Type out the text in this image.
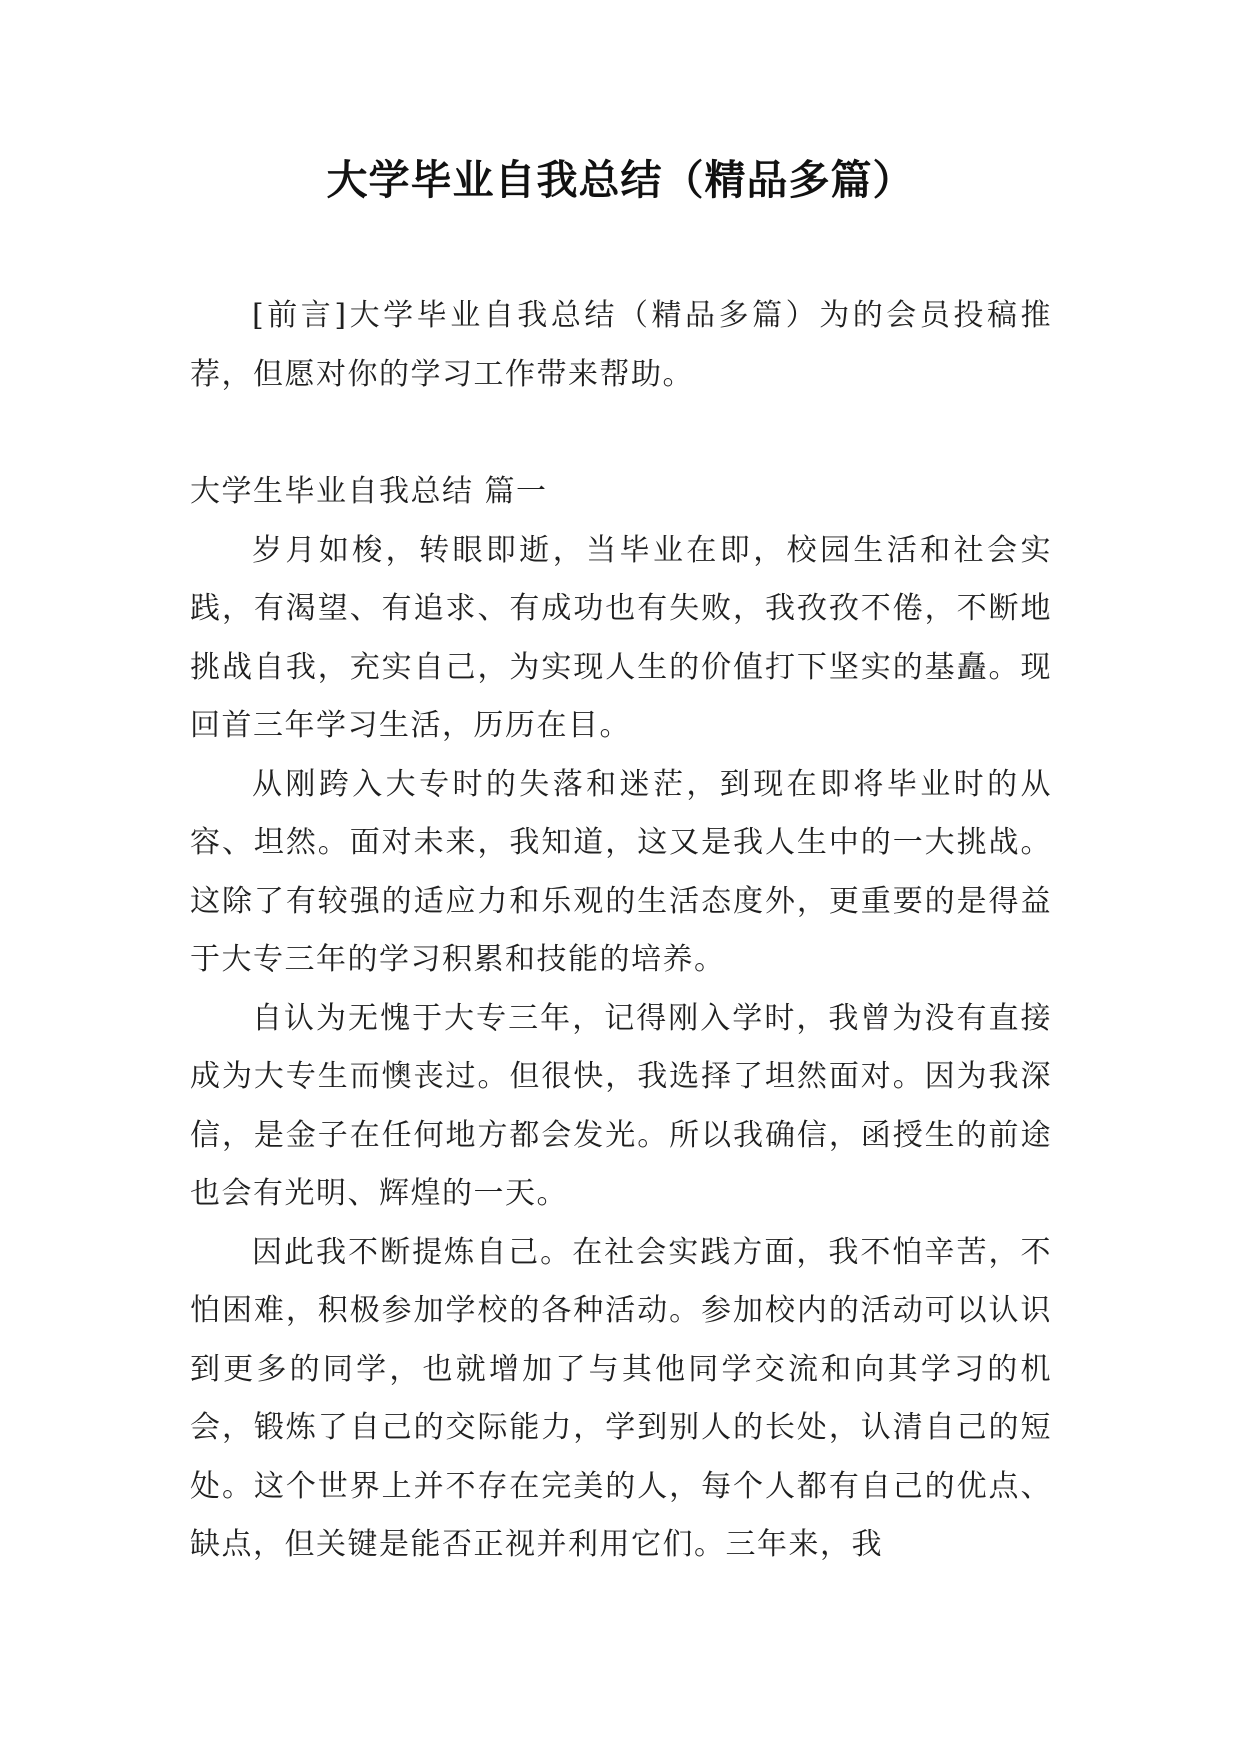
大学毕业自我总结（精品多篇）

[前言]大学毕业自我总结（精品多篇）为的会员投稿推荐，但愿对你的学习工作带来帮助。

大学生毕业自我总结 篇一

岁月如梭，转眼即逝，当毕业在即，校园生活和社会实践，有渴望、有追求、有成功也有失败，我孜孜不倦，不断地挑战自我，充实自己，为实现人生的价值打下坚实的基矗。现回首三年学习生活，历历在目。

从刚跨入大专时的失落和迷茫，到现在即将毕业时的从容、坦然。面对未来，我知道，这又是我人生中的一大挑战。这除了有较强的适应力和乐观的生活态度外，更重要的是得益于大专三年的学习积累和技能的培养。

自认为无愧于大专三年，记得刚入学时，我曾为没有直接成为大专生而懊丧过。但很快，我选择了坦然面对。因为我深信，是金子在任何地方都会发光。所以我确信，函授生的前途也会有光明、辉煌的一天。

因此我不断提炼自己。在社会实践方面，我不怕辛苦，不怕困难，积极参加学校的各种活动。参加校内的活动可以认识到更多的同学，也就增加了与其他同学交流和向其学习的机会，锻炼了自己的交际能力，学到别人的长处，认清自己的短处。这个世界上并不存在完美的人，每个人都有自己的优点、缺点，但关键是能否正视并利用它们。三年来，我
